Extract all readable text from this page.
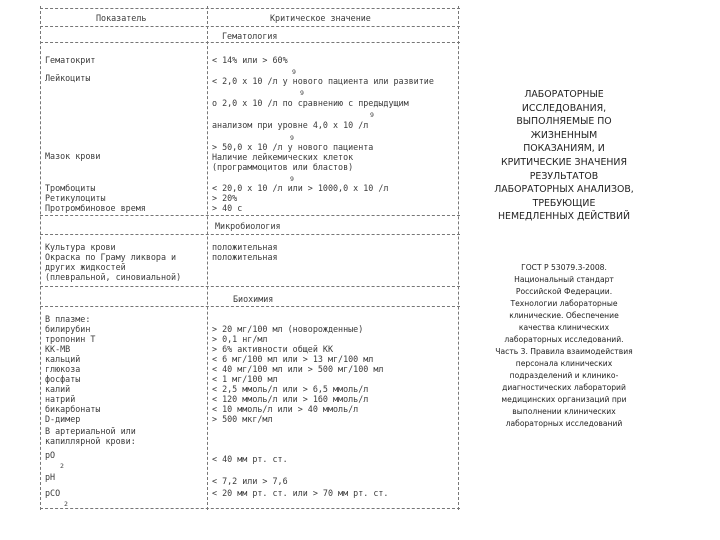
Показатель	Критическое значение
Гематология
Гематокрит
Лейкоциты
Мазок крови
Тромбоциты
Ретикулоциты
Протромбиновое время
< 14% или > 60%
9
< 2,0 x 10 /л у нового пациента или развитие
9
о 2,0 x 10 /л по сравнению с предыдущим
9
анализом при уровне 4,0 x 10 /л
9
> 50,0 x 10 /л у нового пациента
Наличие лейкемических клеток
(программоцитов или бластов)
9
< 20,0 x 10 /л или > 1000,0 x 10 /л
> 20%
> 40 с
Микробиология
Культура крови
Окраска по Граму ликвора и
других жидкостей
(плевральной, синовиальной)
положительная
положительная
Биохимия
В плазме:
билирубин
тропонин Т
КК-МВ
кальций
глюкоза
фосфаты
калий
натрий
бикарбонаты
D-димер
В артериальной или
капиллярной крови:
pO
2
pH
pCO
2
> 20 мг/100 мл (новорожденные)
> 0,1 нг/мл
> 6% активности общей КК
< 6 мг/100 мл или > 13 мг/100 мл
< 40 мг/100 мл или > 500 мг/100 мл
< 1 мг/100 мл
< 2,5 ммоль/л или > 6,5 ммоль/л
< 120 ммоль/л или > 160 ммоль/л
< 10 ммоль/л или > 40 ммоль/л
> 500 мкг/мл
< 40 мм рт. ст.
< 7,2 или > 7,6
< 20 мм рт. ст. или > 70 мм рт. ст.
ЛАБОРАТОРНЫЕ ИССЛЕДОВАНИЯ, ВЫПОЛНЯЕМЫЕ ПО ЖИЗНЕННЫМ ПОКАЗАНИЯМ, И КРИТИЧЕСКИЕ ЗНАЧЕНИЯ РЕЗУЛЬТАТОВ ЛАБОРАТОРНЫХ АНАЛИЗОВ, ТРЕБУЮЩИЕ НЕМЕДЛЕННЫХ ДЕЙСТВИЙ
ГОСТ Р 53079.3-2008. Национальный стандарт Российской Федерации. Технологии лабораторные клинические. Обеспечение качества клинических лабораторных исследований. Часть 3. Правила взаимодействия персонала клинических подразделений и клинико-диагностических лабораторий медицинских организаций при выполнении клинических лабораторных исследований
